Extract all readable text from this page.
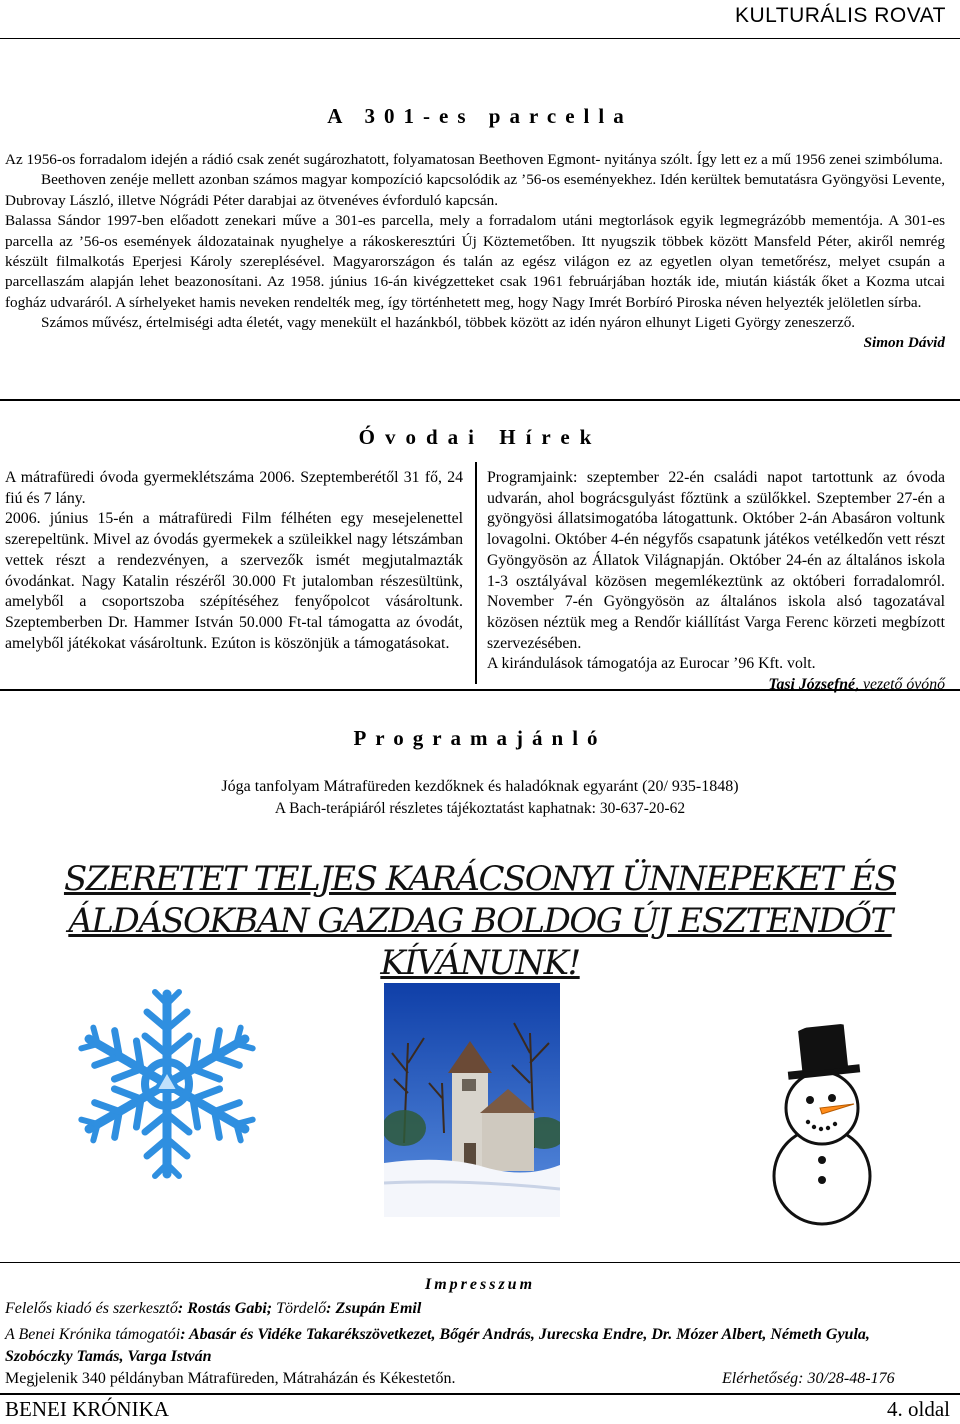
KULTURÁLIS ROVAT
A 301-es parcella

Az 1956-os forradalom idején a rádió csak zenét sugározhatott, folyamatosan Beethoven Egmont- nyitánya szólt. Így lett ez a mű 1956 zenei szimbóluma.

Beethoven zenéje mellett azonban számos magyar kompozíció kapcsolódik az ’56-os eseményekhez. Idén kerültek bemutatásra Gyöngyösi Levente, Dubrovay László, illetve Nógrádi Péter darabjai az ötvenéves évforduló kapcsán.

Balassa Sándor 1997-ben előadott zenekari műve a 301-es parcella, mely a forradalom utáni megtorlások egyik legmegrázóbb mementója. A 301-es parcella az ’56-os események áldozatainak nyughelye a rákoskeresztúri Új Köztemetőben. Itt nyugszik többek között Mansfeld Péter, akiről nemrég készült filmalkotás Eperjesi Károly szereplésével. Magyarországon és talán az egész világon ez az egyetlen olyan temetőrész, melyet csupán a parcellaszám alapján lehet beazonosítani. Az 1958. június 16-án kivégzetteket csak 1961 februárjában hozták ide, miután kiásták őket a Kozma utcai fogház udvaráról. A sírhelyeket hamis neveken rendelték meg, így történhetett meg, hogy Nagy Imrét Borbíró Piroska néven helyezték jelöletlen sírba.

Számos művész, értelmiségi adta életét, vagy menekült el hazánkból, többek között az idén nyáron elhunyt Ligeti György zeneszerző.

Simon Dávid
Óvodai Hírek

A mátrafüredi óvoda gyermeklétszáma 2006. Szeptemberétől 31 fő, 24 fiú és 7 lány.

2006. június 15-én a mátrafüredi Film félhéten egy mesejelenettel szerepeltünk. Mivel az óvodás gyermekek a szüleikkel nagy létszámban vettek részt a rendezvényen, a szervezők ismét megjutalmazták óvodánkat. Nagy Katalin részéről 30.000 Ft jutalomban részesültünk, amelyből a csoportszoba szépítéséhez fenyőpolcot vásároltunk. Szeptemberben Dr. Hammer István 50.000 Ft-tal támogatta az óvodát, amelyből játékokat vásároltunk. Ezúton is köszönjük a támogatásokat.

Programjaink: szeptember 22-én családi napot tartottunk az óvoda udvarán, ahol bográcsgulyást főztünk a szülőkkel. Szeptember 27-én a gyöngyösi állatsimogatóba látogattunk. Október 2-án Abasáron voltunk lovagolni. Október 4-én négyfős csapatunk játékos vetélkedőn vett részt Gyöngyösön az Állatok Világnapján. Október 24-én az általános iskola 1-3 osztályával közösen megemlékeztünk az októberi forradalomról. November 7-én Gyöngyösön az általános iskola alsó tagozatával közösen néztük meg a Rendőr kiállítást Varga Ferenc körzeti megbízott szervezésében.

A kirándulások támogatója az Eurocar ’96 Kft. volt.

Tasi Józsefné, vezető óvónő
Programajánló
Jóga tanfolyam Mátrafüreden kezdőknek és haladóknak egyaránt (20/ 935-1848)
A Bach-terápiáról részletes tájékoztatást kaphatnak: 30-637-20-62
SZERETET TELJES KARÁCSONYI ÜNNEPEKET ÉS ÁLDÁSOKBAN GAZDAG BOLDOG ÚJ ESZTENDŐT KÍVÁNUNK!
Impresszum
Felelős kiadó és szerkesztő: Rostás Gabi; Tördelő: Zsupán Emil
A Benei Krónika támogatói: Abasár és Vidéke Takarékszövetkezet, Bőgér András, Jurecska Endre, Dr. Mózer Albert, Németh Gyula, Szobóczky Tamás, Varga István
Megjelenik 340 példányban Mátrafüreden, Mátraházán és Kékestetőn.	Elérhetőség: 30/28-48-176
BENEI KRÓNIKA	4. oldal
